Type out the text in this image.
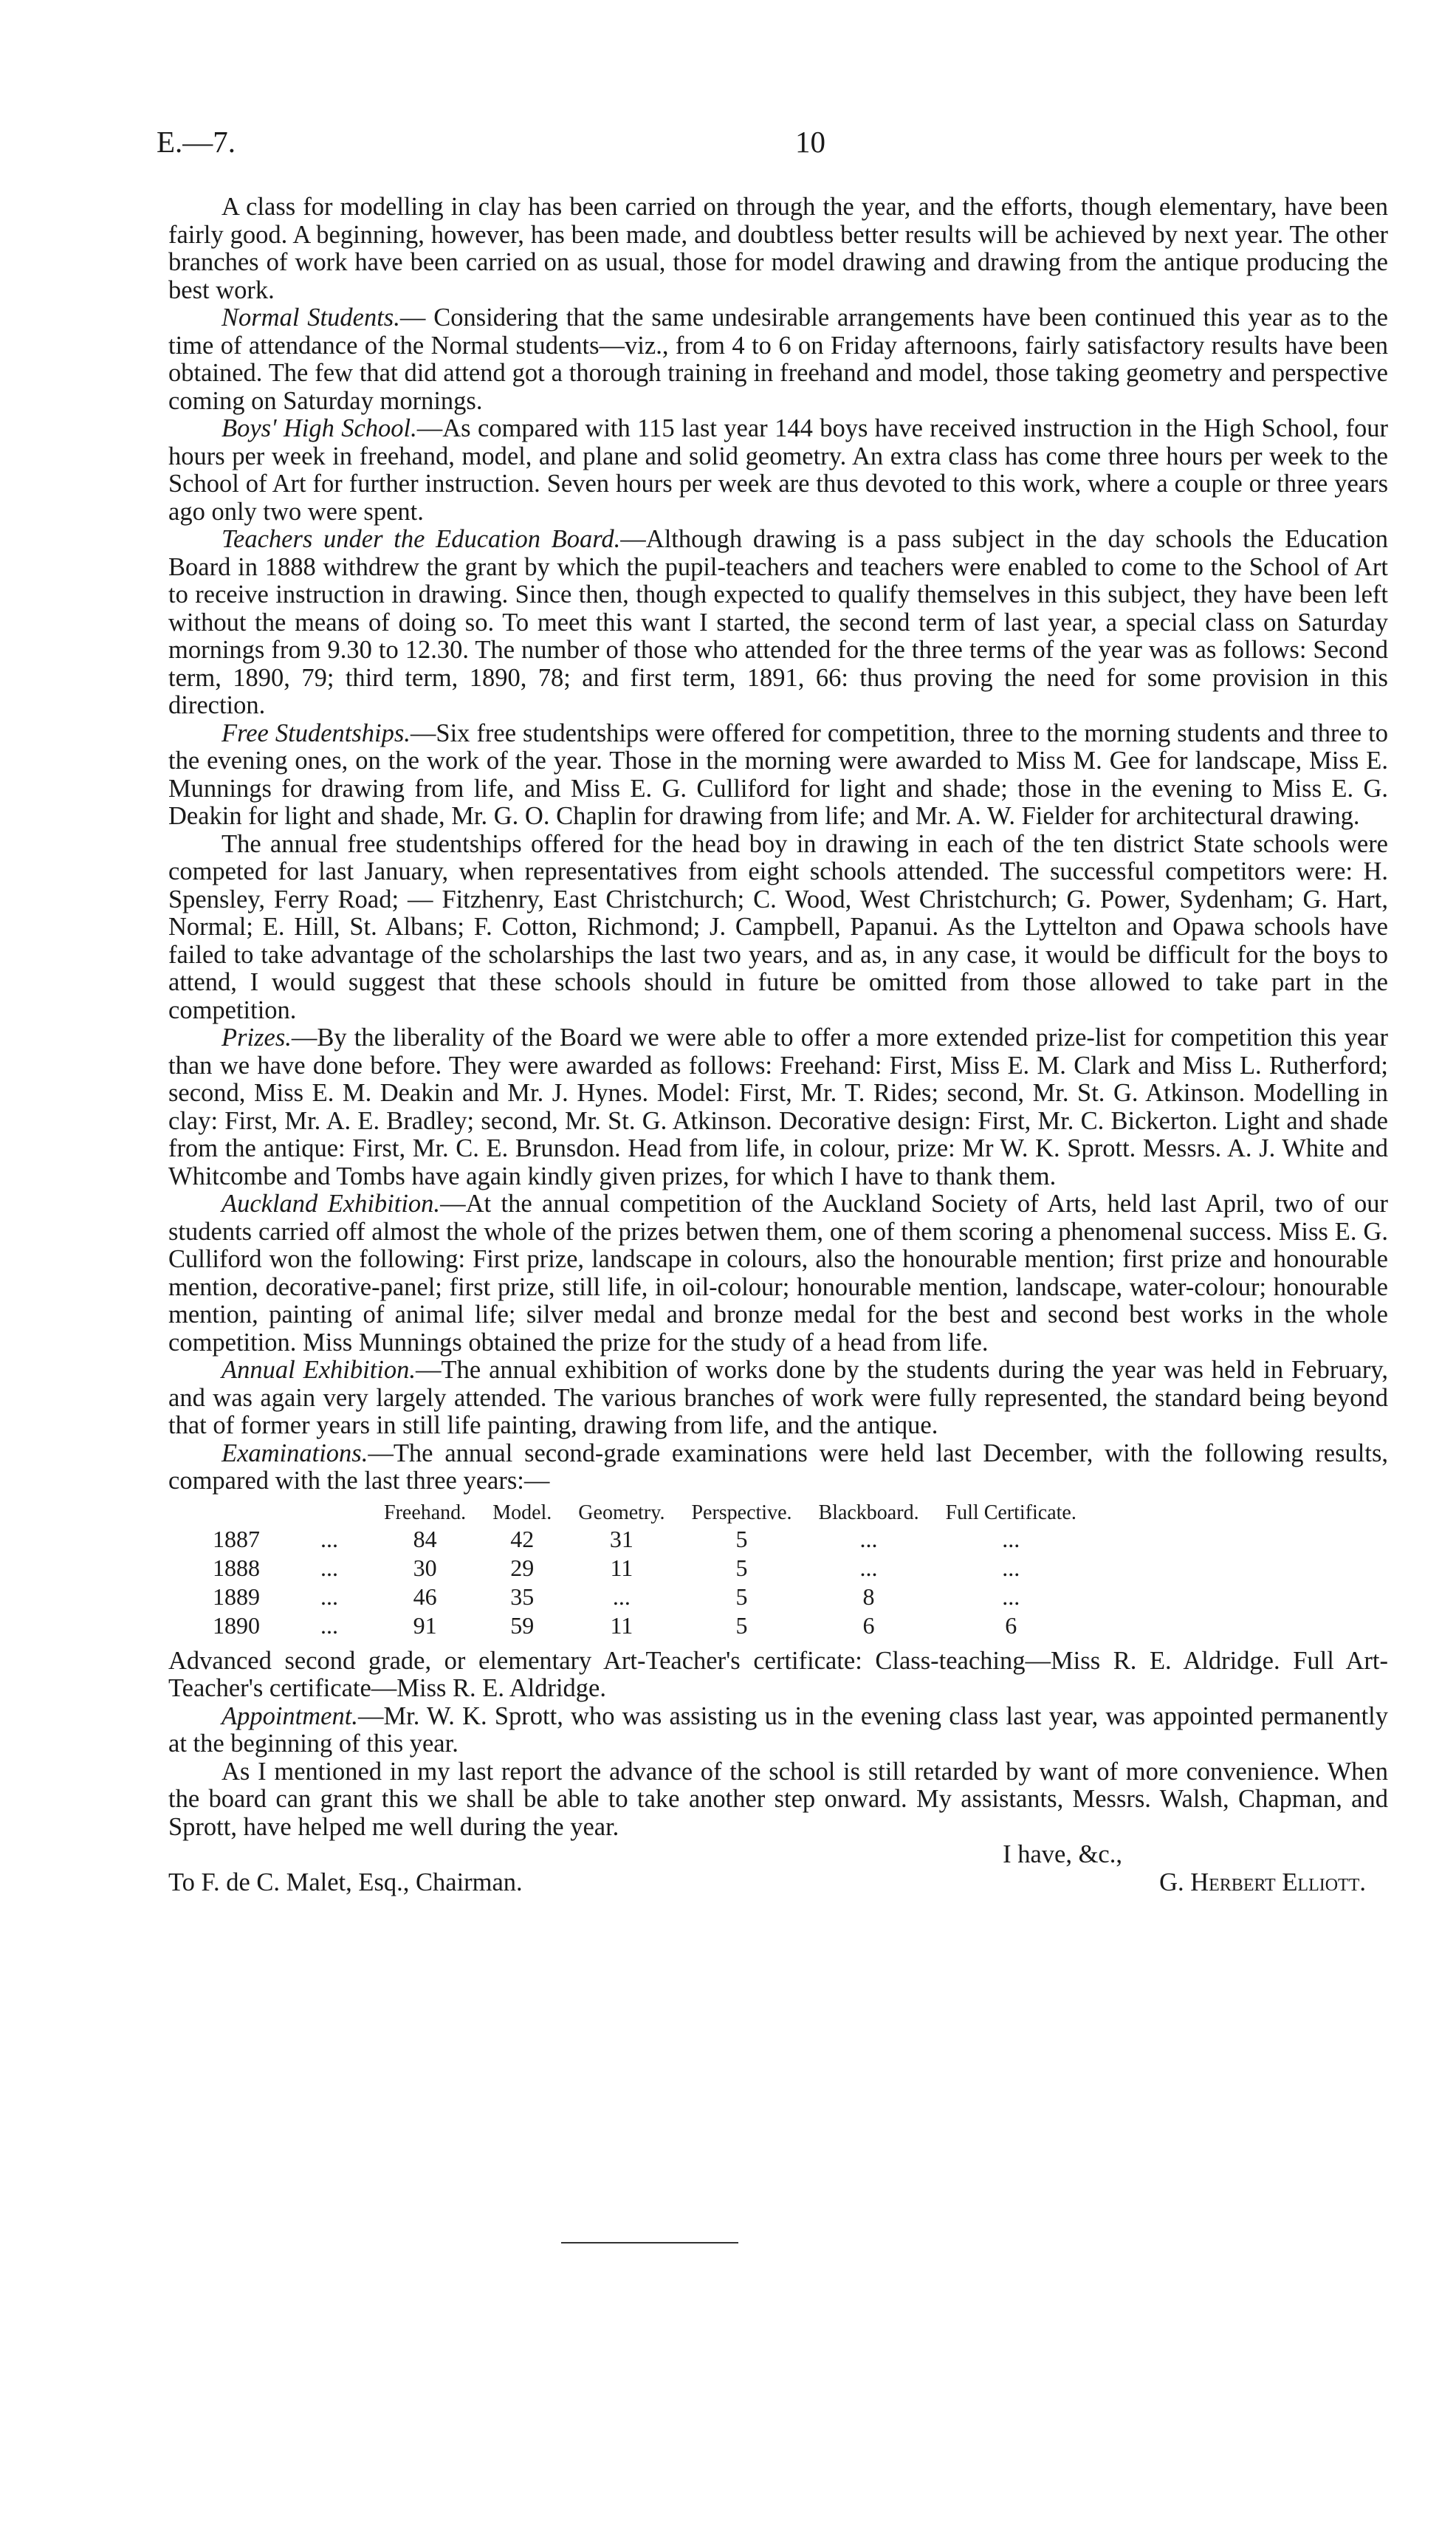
E.—7.	10

A class for modelling in clay has been carried on through the year, and the efforts, though elementary, have been fairly good. A beginning, however, has been made, and doubtless better results will be achieved by next year. The other branches of work have been carried on as usual, those for model drawing and drawing from the antique producing the best work.

Normal Students.— Considering that the same undesirable arrangements have been continued this year as to the time of attendance of the Normal students—viz., from 4 to 6 on Friday afternoons, fairly satisfactory results have been obtained. The few that did attend got a thorough training in freehand and model, those taking geometry and perspective coming on Saturday mornings.

Boys' High School.—As compared with 115 last year 144 boys have received instruction in the High School, four hours per week in freehand, model, and plane and solid geometry. An extra class has come three hours per week to the School of Art for further instruction. Seven hours per week are thus devoted to this work, where a couple or three years ago only two were spent.

Teachers under the Education Board.—Although drawing is a pass subject in the day schools the Education Board in 1888 withdrew the grant by which the pupil-teachers and teachers were enabled to come to the School of Art to receive instruction in drawing. Since then, though expected to qualify themselves in this subject, they have been left without the means of doing so. To meet this want I started, the second term of last year, a special class on Saturday mornings from 9.30 to 12.30. The number of those who attended for the three terms of the year was as follows: Second term, 1890, 79; third term, 1890, 78; and first term, 1891, 66: thus proving the need for some provision in this direction.

Free Studentships.—Six free studentships were offered for competition, three to the morning students and three to the evening ones, on the work of the year. Those in the morning were awarded to Miss M. Gee for landscape, Miss E. Munnings for drawing from life, and Miss E. G. Culliford for light and shade; those in the evening to Miss E. G. Deakin for light and shade, Mr. G. O. Chaplin for drawing from life; and Mr. A. W. Fielder for architectural drawing.

The annual free studentships offered for the head boy in drawing in each of the ten district State schools were competed for last January, when representatives from eight schools attended. The successful competitors were: H. Spensley, Ferry Road; — Fitzhenry, East Christchurch; C. Wood, West Christchurch; G. Power, Sydenham; G. Hart, Normal; E. Hill, St. Albans; F. Cotton, Richmond; J. Campbell, Papanui. As the Lyttelton and Opawa schools have failed to take advantage of the scholarships the last two years, and as, in any case, it would be difficult for the boys to attend, I would suggest that these schools should in future be omitted from those allowed to take part in the competition.

Prizes.—By the liberality of the Board we were able to offer a more extended prize-list for competition this year than we have done before. They were awarded as follows: Freehand: First, Miss E. M. Clark and Miss L. Rutherford; second, Miss E. M. Deakin and Mr. J. Hynes. Model: First, Mr. T. Rides; second, Mr. St. G. Atkinson. Modelling in clay: First, Mr. A. E. Bradley; second, Mr. St. G. Atkinson. Decorative design: First, Mr. C. Bickerton. Light and shade from the antique: First, Mr. C. E. Brunsdon. Head from life, in colour, prize: Mr W. K. Sprott. Messrs. A. J. White and Whitcombe and Tombs have again kindly given prizes, for which I have to thank them.

Auckland Exhibition.—At the annual competition of the Auckland Society of Arts, held last April, two of our students carried off almost the whole of the prizes betwen them, one of them scoring a phenomenal success. Miss E. G. Culliford won the following: First prize, landscape in colours, also the honourable mention; first prize and honourable mention, decorative-panel; first prize, still life, in oil-colour; honourable mention, landscape, water-colour; honourable mention, painting of animal life; silver medal and bronze medal for the best and second best works in the whole competition. Miss Munnings obtained the prize for the study of a head from life.

Annual Exhibition.—The annual exhibition of works done by the students during the year was held in February, and was again very largely attended. The various branches of work were fully represented, the standard being beyond that of former years in still life painting, drawing from life, and the antique.

Examinations.—The annual second-grade examinations were held last December, with the following results, compared with the last three years:—

		Freehand.	Model.	Geometry.	Perspective.	Blackboard.	Full Certificate.
1887	...	84	42	31	5	...	...
1888	...	30	29	11	5	...	...
1889	...	46	35	...	5	8	...
1890	...	91	59	11	5	6	6

Advanced second grade, or elementary Art-Teacher's certificate: Class-teaching—Miss R. E. Aldridge. Full Art-Teacher's certificate—Miss R. E. Aldridge.

Appointment.—Mr. W. K. Sprott, who was assisting us in the evening class last year, was appointed permanently at the beginning of this year.

As I mentioned in my last report the advance of the school is still retarded by want of more convenience. When the board can grant this we shall be able to take another step onward. My assistants, Messrs. Walsh, Chapman, and Sprott, have helped me well during the year.

I have, &c.,

To F. de C. Malet, Esq., Chairman.	G. Herbert Elliott.
